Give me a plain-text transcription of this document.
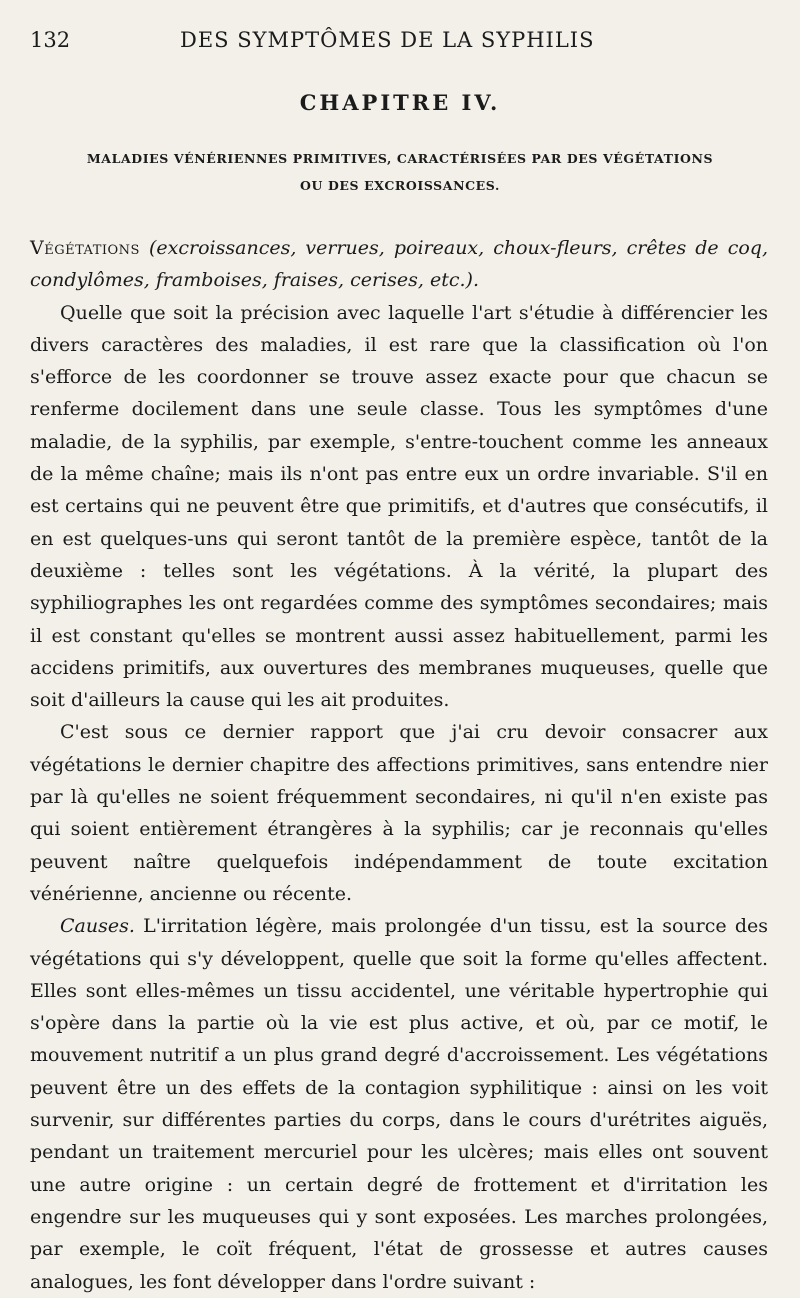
132	DES SYMPTÔMES DE LA SYPHILIS
CHAPITRE IV.
MALADIES VÉNÉRIENNES PRIMITIVES, CARACTÉRISÉES PAR DES VÉGÉTATIONS
OU DES EXCROISSANCES.

Végétations (excroissances, verrues, poireaux, choux-fleurs, crêtes de coq, condylômes, framboises, fraises, cerises, etc.).

Quelle que soit la précision avec laquelle l'art s'étudie à différencier les divers caractères des maladies, il est rare que la classification où l'on s'efforce de les coordonner se trouve assez exacte pour que chacun se renferme docilement dans une seule classe. Tous les symptômes d'une maladie, de la syphilis, par exemple, s'entre-touchent comme les anneaux de la même chaîne; mais ils n'ont pas entre eux un ordre invariable. S'il en est certains qui ne peuvent être que primitifs, et d'autres que consécutifs, il en est quelques-uns qui seront tantôt de la première espèce, tantôt de la deuxième : telles sont les végétations. À la vérité, la plupart des syphiliographes les ont regardées comme des symptômes secondaires; mais il est constant qu'elles se montrent aussi assez habituellement, parmi les accidens primitifs, aux ouvertures des membranes muqueuses, quelle que soit d'ailleurs la cause qui les ait produites.

C'est sous ce dernier rapport que j'ai cru devoir consacrer aux végétations le dernier chapitre des affections primitives, sans entendre nier par là qu'elles ne soient fréquemment secondaires, ni qu'il n'en existe pas qui soient entièrement étrangères à la syphilis; car je reconnais qu'elles peuvent naître quelquefois indépendamment de toute excitation vénérienne, ancienne ou récente.

Causes. L'irritation légère, mais prolongée d'un tissu, est la source des végétations qui s'y développent, quelle que soit la forme qu'elles affectent. Elles sont elles-mêmes un tissu accidentel, une véritable hypertrophie qui s'opère dans la partie où la vie est plus active, et où, par ce motif, le mouvement nutritif a un plus grand degré d'accroissement. Les végétations peuvent être un des effets de la contagion syphilitique : ainsi on les voit survenir, sur différentes parties du corps, dans le cours d'urétrites aiguës, pendant un traitement mercuriel pour les ulcères; mais elles ont souvent une autre origine : un certain degré de frottement et d'irritation les engendre sur les muqueuses qui y sont exposées. Les marches prolongées, par exemple, le coït fréquent, l'état de grossesse et autres causes analogues, les font développer dans l'ordre suivant :
